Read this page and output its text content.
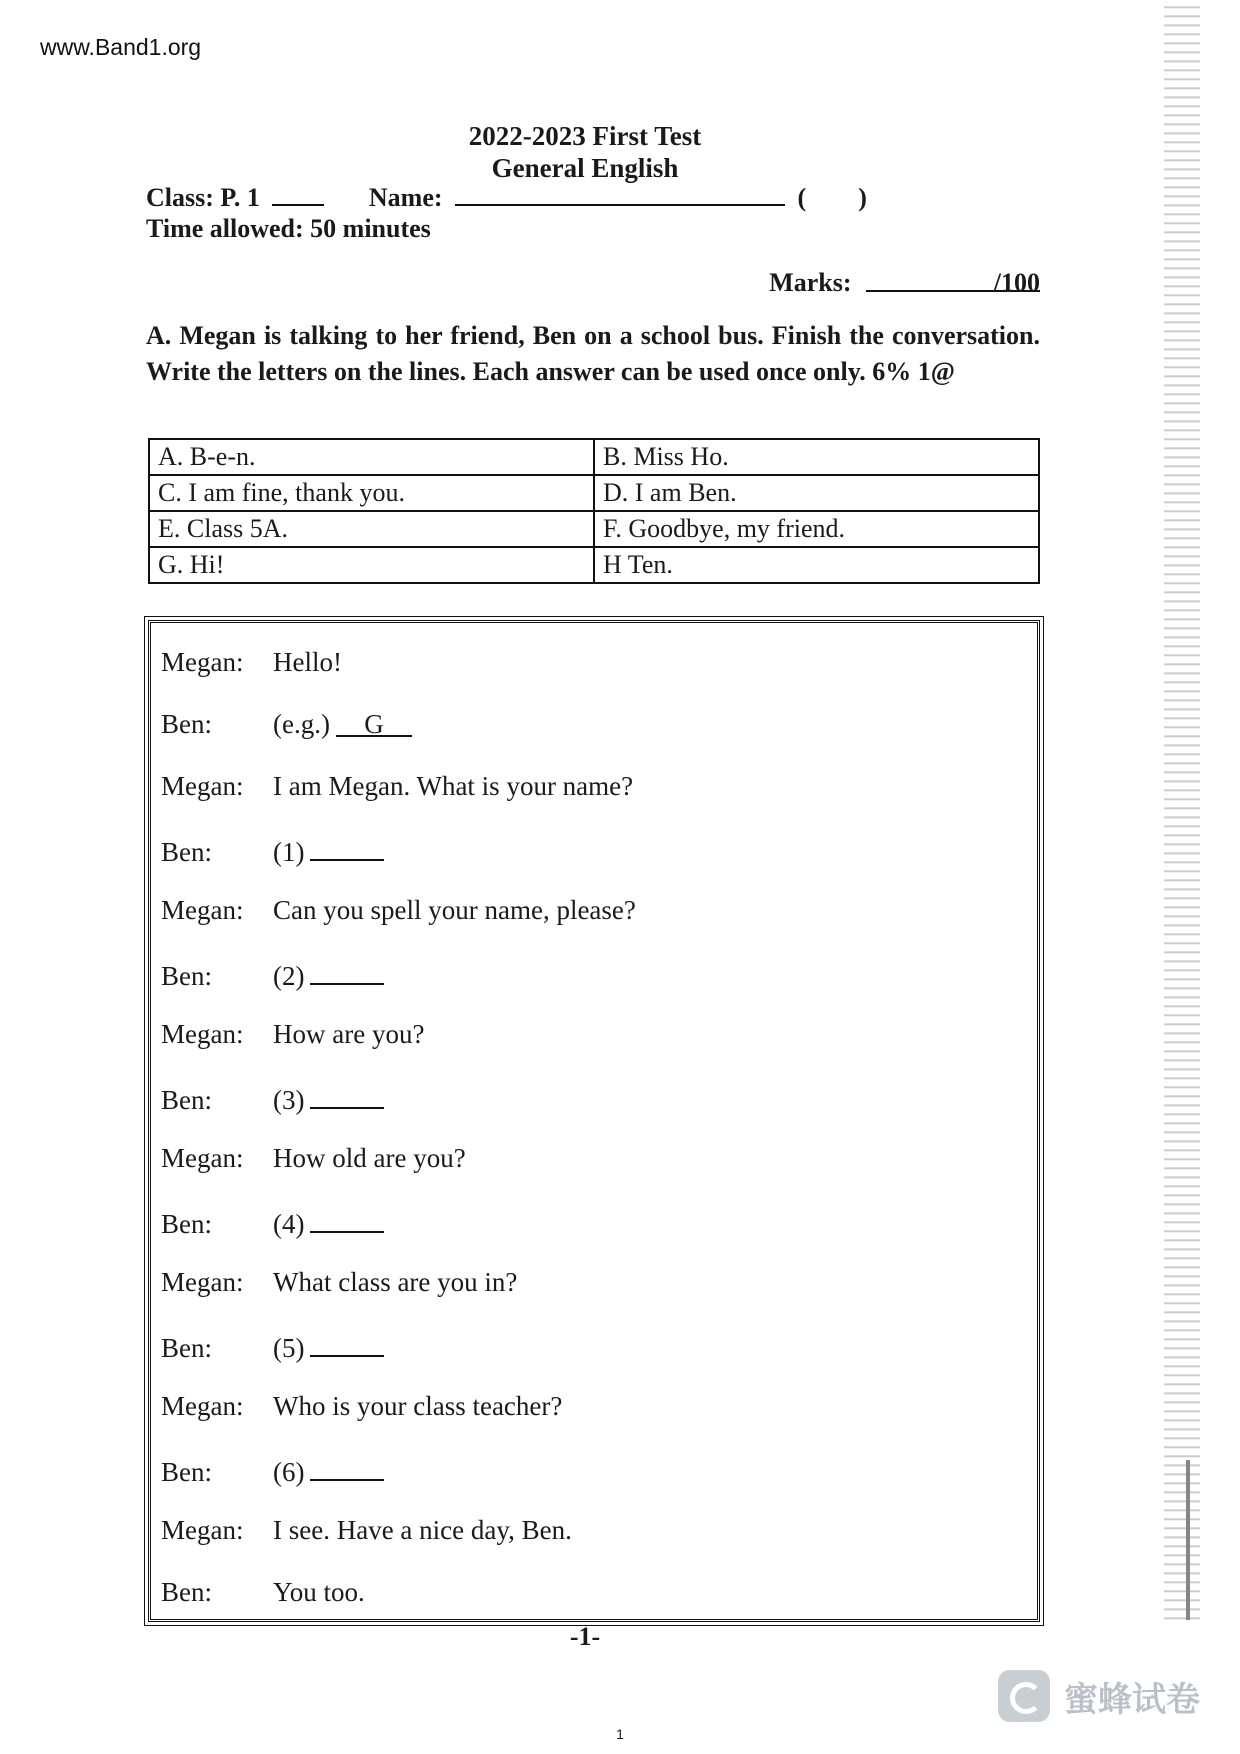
www.Band1.org
2022-2023 First Test
General English
Class: P. 1	Name:	(        )
Time allowed: 50 minutes
Marks:	/100
A. Megan is talking to her friend, Ben on a school bus. Finish the conversation. Write the letters on the lines. Each answer can be used once only. 6% 1@
A. B-e-n.	B. Miss Ho.
C. I am fine, thank you.	D. I am Ben.
E. Class 5A.	F. Goodbye, my friend.
G. Hi!	H Ten.
Megan: Hello!
Ben: (e.g.) G
Megan: I am Megan. What is your name?
Ben: (1)
Megan: Can you spell your name, please?
Ben: (2)
Megan: How are you?
Ben: (3)
Megan: How old are you?
Ben: (4)
Megan: What class are you in?
Ben: (5)
Megan: Who is your class teacher?
Ben: (6)
Megan: I see. Have a nice day, Ben.
Ben: You too.
-1-
1
蜜蜂试卷
